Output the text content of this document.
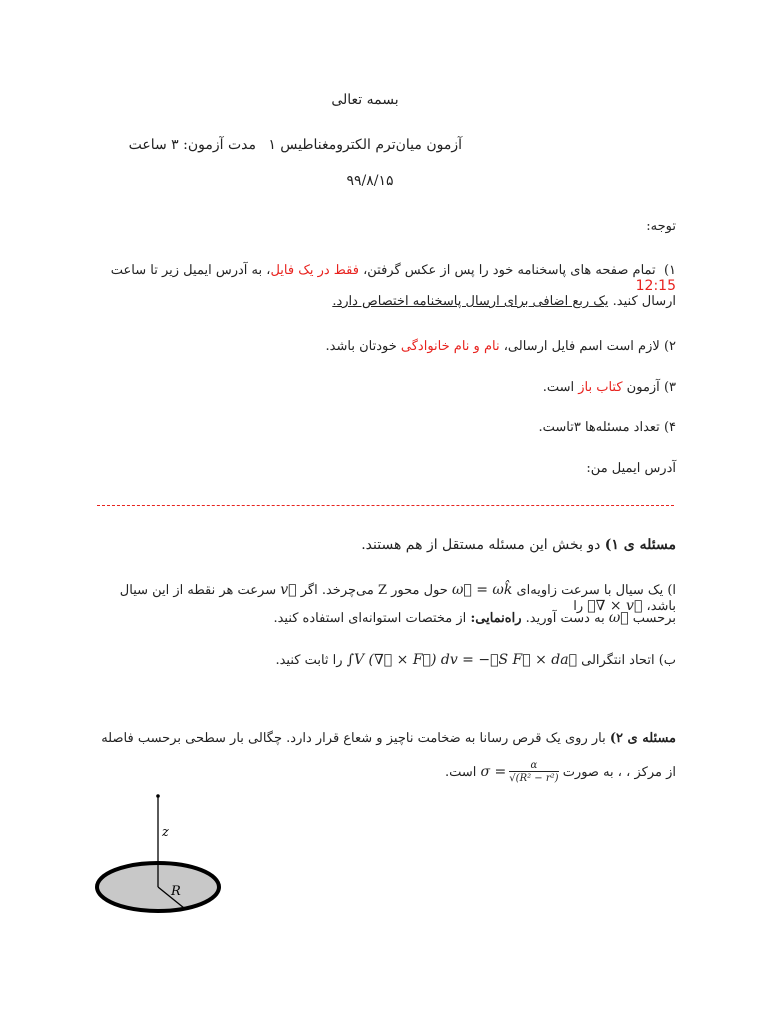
بسمه تعالی
آزمون میان‌ترم الکترومغناطیس ۱
مدت آزمون: ۳ ساعت
۹۹/۸/۱۵
توجه:
۱)  تمام صفحه های پاسخنامه خود را پس از عکس گرفتن، فقط در یک فایل، به آدرس ایمیل زیر تا ساعت 12:15
ارسال کنید. یک ربع اضافی برای ارسال پاسخنامه اختصاص دارد.
۲) لازم است اسم فایل ارسالی، نام و نام خانوادگی خودتان باشد.
۳) آزمون کتاب باز است.
۴) تعداد مسئله‌ها ۳تاست.
آدرس ایمیل من:
مسئله ی ۱) دو بخش این مسئله مستقل از هم هستند.
ا) یک سیال با سرعت زاویه‌ای ω⃗ = ωk̂ حول محور Z می‌چرخد. اگر v⃗ سرعت هر نقطه از این سیال باشد، ∇⃗ × v⃗ را
برحسب ω⃗ به دست آورید. راه‌نمایی: از مختصات استوانه‌ای استفاده کنید.
ب) اتحاد انتگرالی ∫V (∇⃗ × F⃗) dv = −∮S F⃗ × da⃗ را ثابت کنید.
مسئله ی ۲) بار روی یک قرص رسانا به ضخامت ناچیز و شعاع قرار دارد. چگالی بار سطحی برحسب فاصله
از مرکز ، ، به صورت
$\sigma = \frac{\alpha}{\text{√(R² − r²)}}$
است.
z
R
